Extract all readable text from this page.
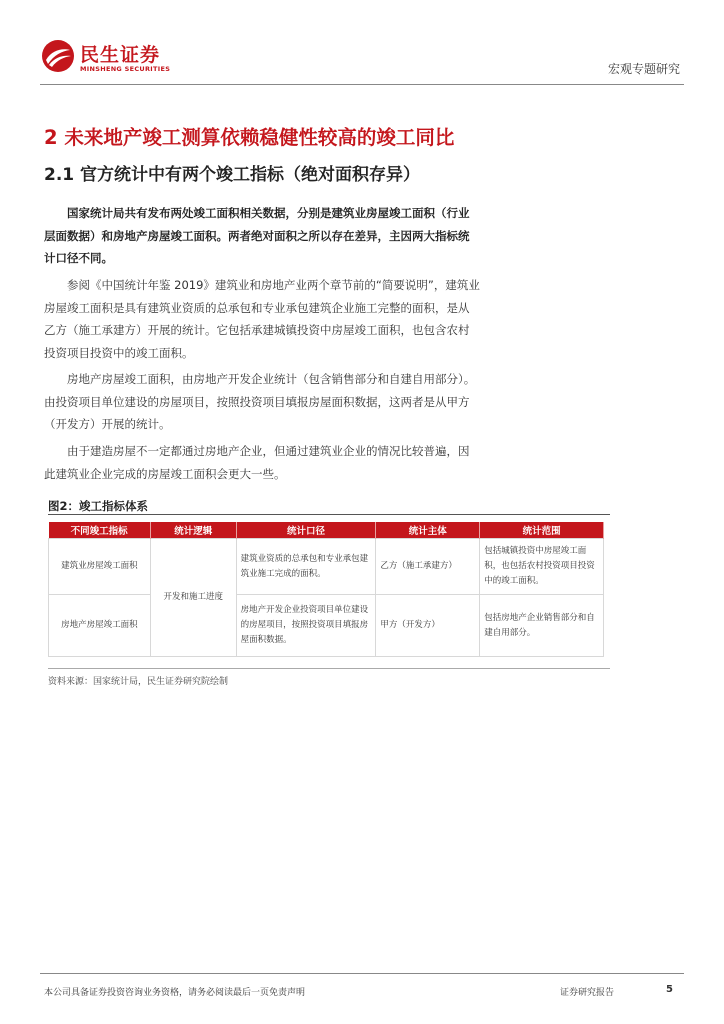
民生证券
MINSHENG SECURITIES	宏观专题研究
2 未来地产竣工测算依赖稳健性较高的竣工同比
2.1 官方统计中有两个竣工指标（绝对面积存异）

国家统计局共有发布两处竣工面积相关数据，分别是建筑业房屋竣工面积（行业层面数据）和房地产房屋竣工面积。两者绝对面积之所以存在差异，主因两大指标统计口径不同。

参阅《中国统计年鉴 2019》建筑业和房地产业两个章节前的“简要说明”，建筑业房屋竣工面积是具有建筑业资质的总承包和专业承包建筑企业施工完整的面积，是从乙方（施工承建方）开展的统计。它包括承建城镇投资中房屋竣工面积，也包含农村投资项目投资中的竣工面积。

房地产房屋竣工面积，由房地产开发企业统计（包含销售部分和自建自用部分）。由投资项目单位建设的房屋项目，按照投资项目填报房屋面积数据，这两者是从甲方（开发方）开展的统计。

由于建造房屋不一定都通过房地产企业，但通过建筑业企业的情况比较普遍，因此建筑业企业完成的房屋竣工面积会更大一些。

图2：竣工指标体系
不同竣工指标	统计逻辑	统计口径	统计主体	统计范围
建筑业房屋竣工面积	开发和施工进度	建筑业资质的总承包和专业承包建筑业施工完成的面积。	乙方（施工承建方）	包括城镇投资中房屋竣工面积，也包括农村投资项目投资中的竣工面积。
房地产房屋竣工面积		房地产开发企业投资项目单位建设的房屋项目，按照投资项目填报房屋面积数据。	甲方（开发方）	包括房地产企业销售部分和自建自用部分。
资料来源：国家统计局，民生证券研究院绘制
本公司具备证券投资咨询业务资格，请务必阅读最后一页免责声明	证券研究报告	5
